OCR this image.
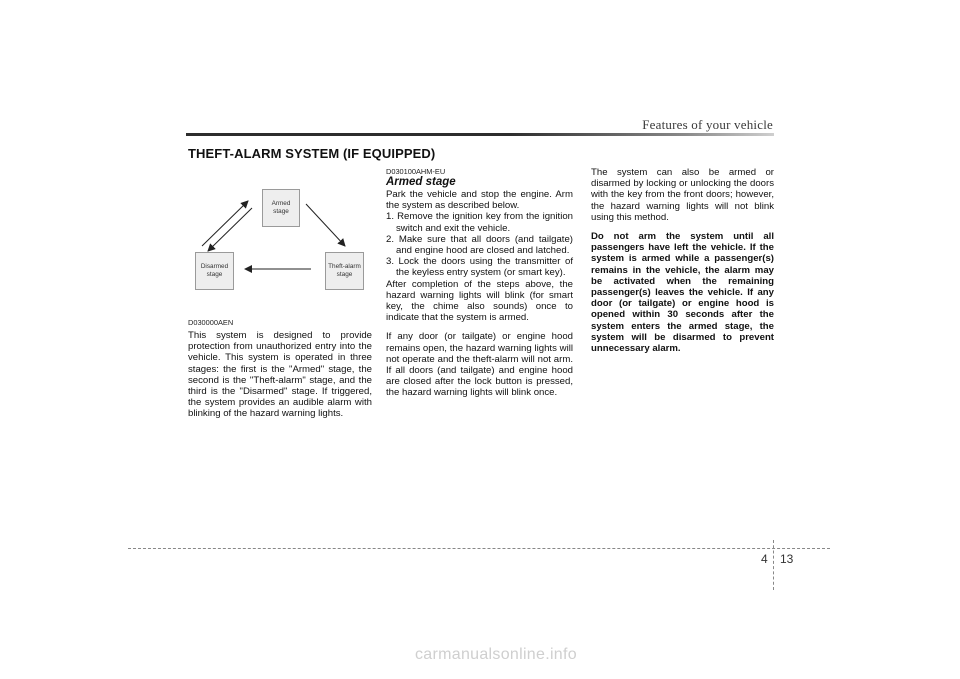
Features of your vehicle
THEFT-ALARM SYSTEM (IF EQUIPPED)
Armed
stage
Disarmed
stage
Theft-alarm
stage

D030000AEN

This system is designed to provide protection from unauthorized entry into the vehicle. This system is operated in three stages: the first is the "Armed" stage, the second is the "Theft-alarm" stage, and the third is the "Disarmed" stage. If triggered, the system provides an audible alarm with blinking of the hazard warning lights.

D030100AHM-EU

Armed stage

Park the vehicle and stop the engine. Arm the system as described below.

1. Remove the ignition key from the ignition switch and exit the vehicle.
2. Make sure that all doors (and tailgate) and engine hood are closed and latched.
3. Lock the doors using the transmitter of the keyless entry system (or smart key).

After completion of the steps above, the hazard warning lights will blink (for smart key, the chime also sounds) once to indicate that the system is armed.

If any door (or tailgate) or engine hood remains open, the hazard warning lights will not operate and the theft-alarm will not arm. If all doors (and tailgate) and engine hood are closed after the lock button is pressed, the hazard warning lights will blink once.

The system can also be armed or disarmed by locking or unlocking the doors with the key from the front doors; however, the hazard warning lights will not blink using this method.

Do not arm the system until all passengers have left the vehicle. If the system is armed while a passenger(s) remains in the vehicle, the alarm may be activated when the remaining passenger(s) leaves the vehicle. If any door (or tailgate) or engine hood is opened within 30 seconds after the system enters the armed stage, the system will be disarmed to prevent unnecessary alarm.

4 13
carmanualsonline.info
